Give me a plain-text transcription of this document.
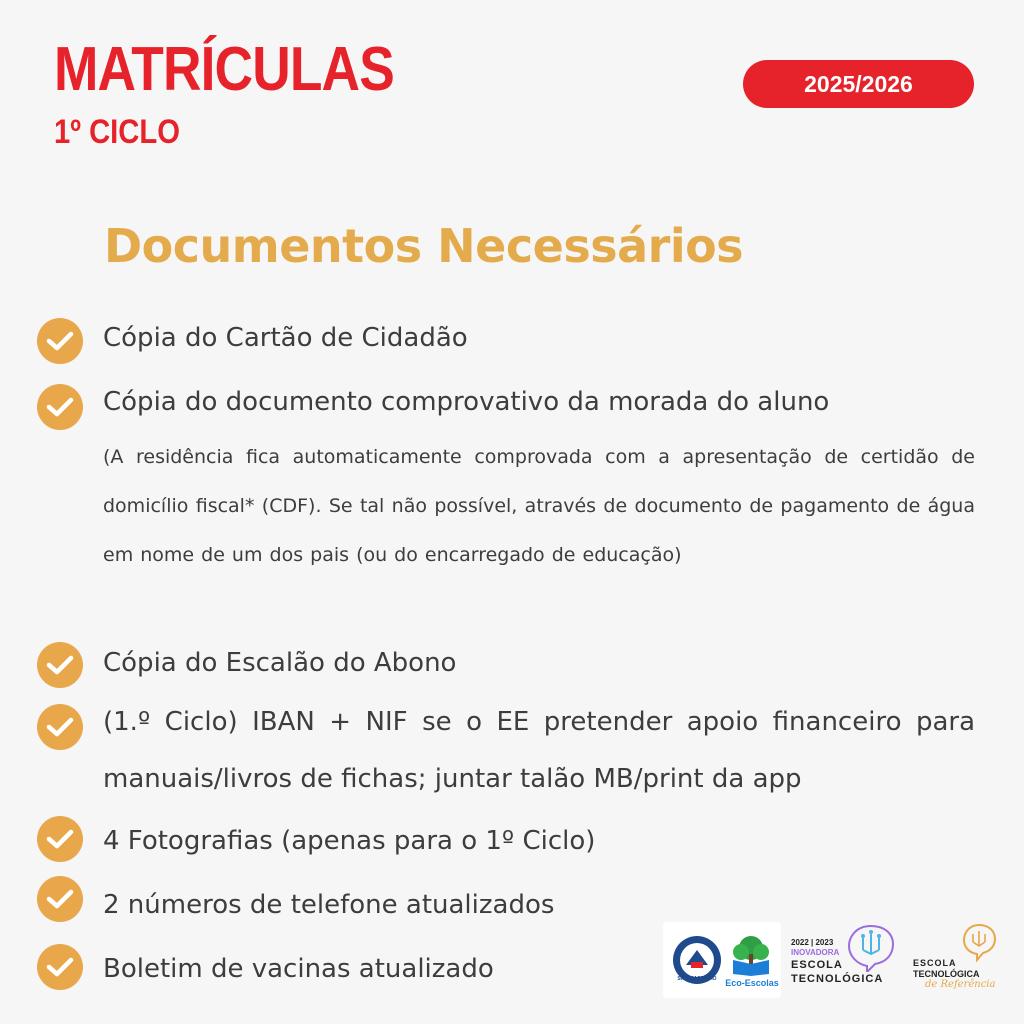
MATRÍCULAS
1º CICLO
2025/2026
Documentos Necessários
Cópia do Cartão de Cidadão
Cópia do documento comprovativo da morada do aluno
(A residência fica automaticamente comprovada com a apresentação de certidão de domicílio fiscal* (CDF). Se tal não possível, através de documento de pagamento de água em nome de um dos pais (ou do encarregado de educação)
Cópia do Escalão do Abono
(1.º Ciclo) IBAN + NIF se o EE pretender apoio financeiro para manuais/livros de fichas; juntar talão MB/print da app
4 Fotografias (apenas para o 1º Ciclo)
2 números de telefone atualizados
Boletim de vacinas atualizado	SÃO MARTINHO Eco-Escolas
2022 | 2023
INOVADORA
ESCOLA
TECNOLÓGICA
ESCOLA
TECNOLÓGICA
de Referência
